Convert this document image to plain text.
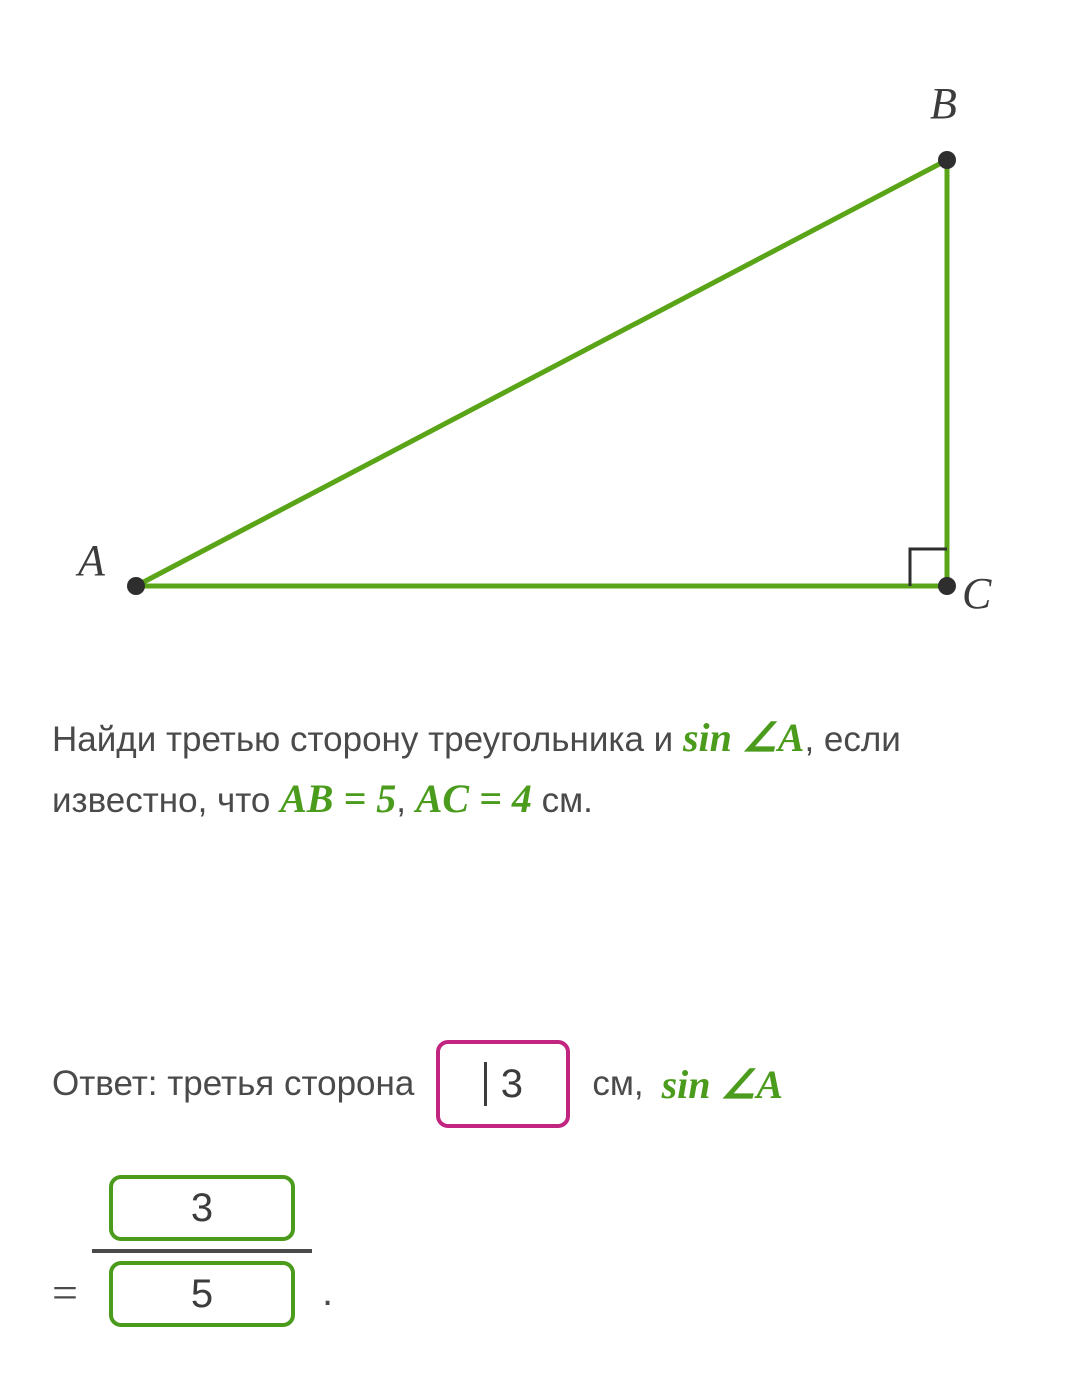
A
B
C
Найди третью сторону треугольника и sin ∠A, если известно, что AB = 5, AC = 4 см.
Ответ: третья сторона 3 см, sin ∠A
= $\frac{3}{5}$ .
